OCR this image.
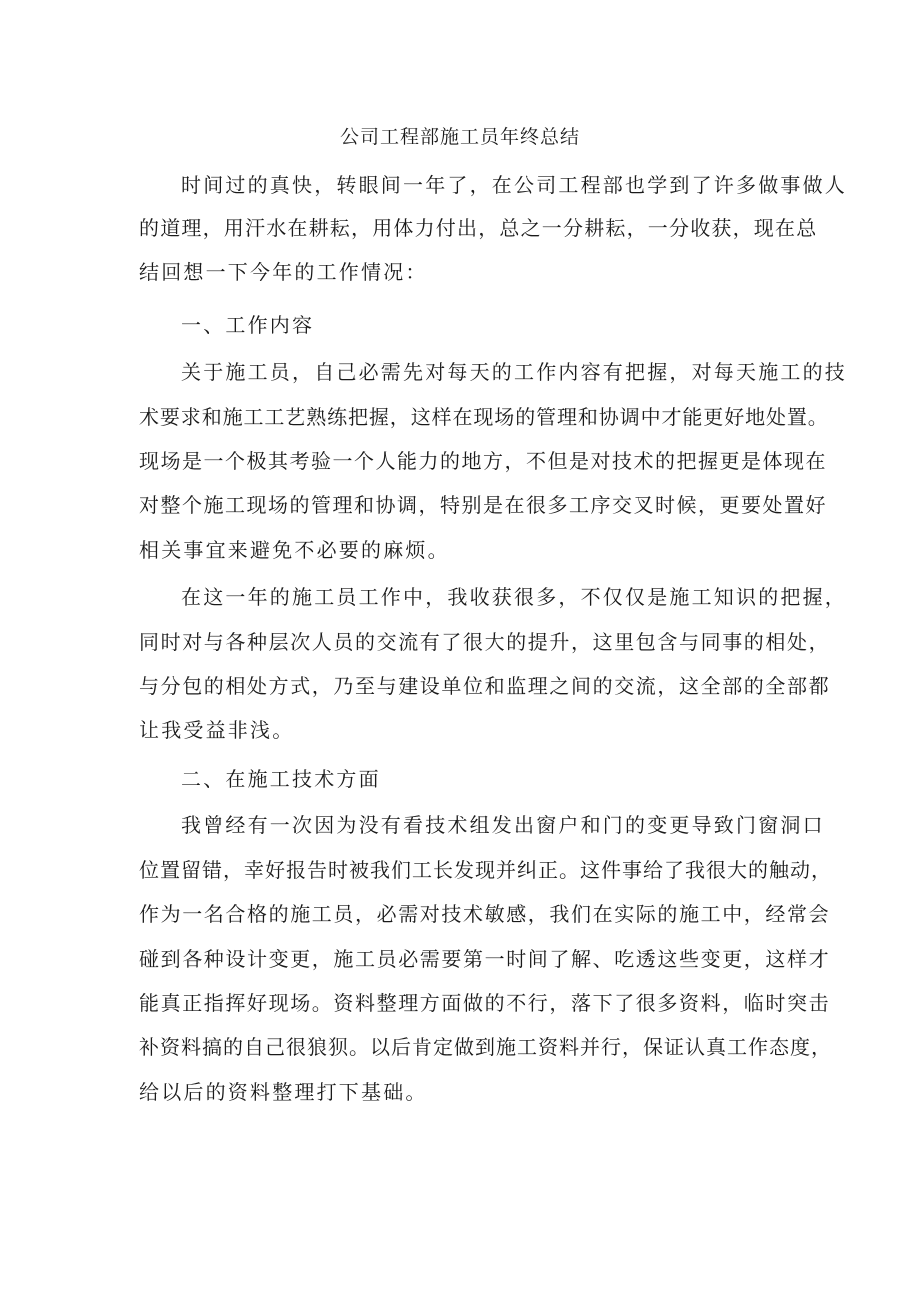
公司工程部施工员年终总结
时间过的真快，转眼间一年了，在公司工程部也学到了许多做事做人
的道理，用汗水在耕耘，用体力付出，总之一分耕耘，一分收获，现在总
结回想一下今年的工作情况：
一、工作内容
关于施工员，自己必需先对每天的工作内容有把握，对每天施工的技
术要求和施工工艺熟练把握，这样在现场的管理和协调中才能更好地处置。
现场是一个极其考验一个人能力的地方，不但是对技术的把握更是体现在
对整个施工现场的管理和协调，特别是在很多工序交叉时候，更要处置好
相关事宜来避免不必要的麻烦。
在这一年的施工员工作中，我收获很多，不仅仅是施工知识的把握，
同时对与各种层次人员的交流有了很大的提升，这里包含与同事的相处，
与分包的相处方式，乃至与建设单位和监理之间的交流，这全部的全部都
让我受益非浅。
二、在施工技术方面
我曾经有一次因为没有看技术组发出窗户和门的变更导致门窗洞口
位置留错，幸好报告时被我们工长发现并纠正。这件事给了我很大的触动，
作为一名合格的施工员，必需对技术敏感，我们在实际的施工中，经常会
碰到各种设计变更，施工员必需要第一时间了解、吃透这些变更，这样才
能真正指挥好现场。资料整理方面做的不行，落下了很多资料，临时突击
补资料搞的自己很狼狈。以后肯定做到施工资料并行，保证认真工作态度，
给以后的资料整理打下基础。
